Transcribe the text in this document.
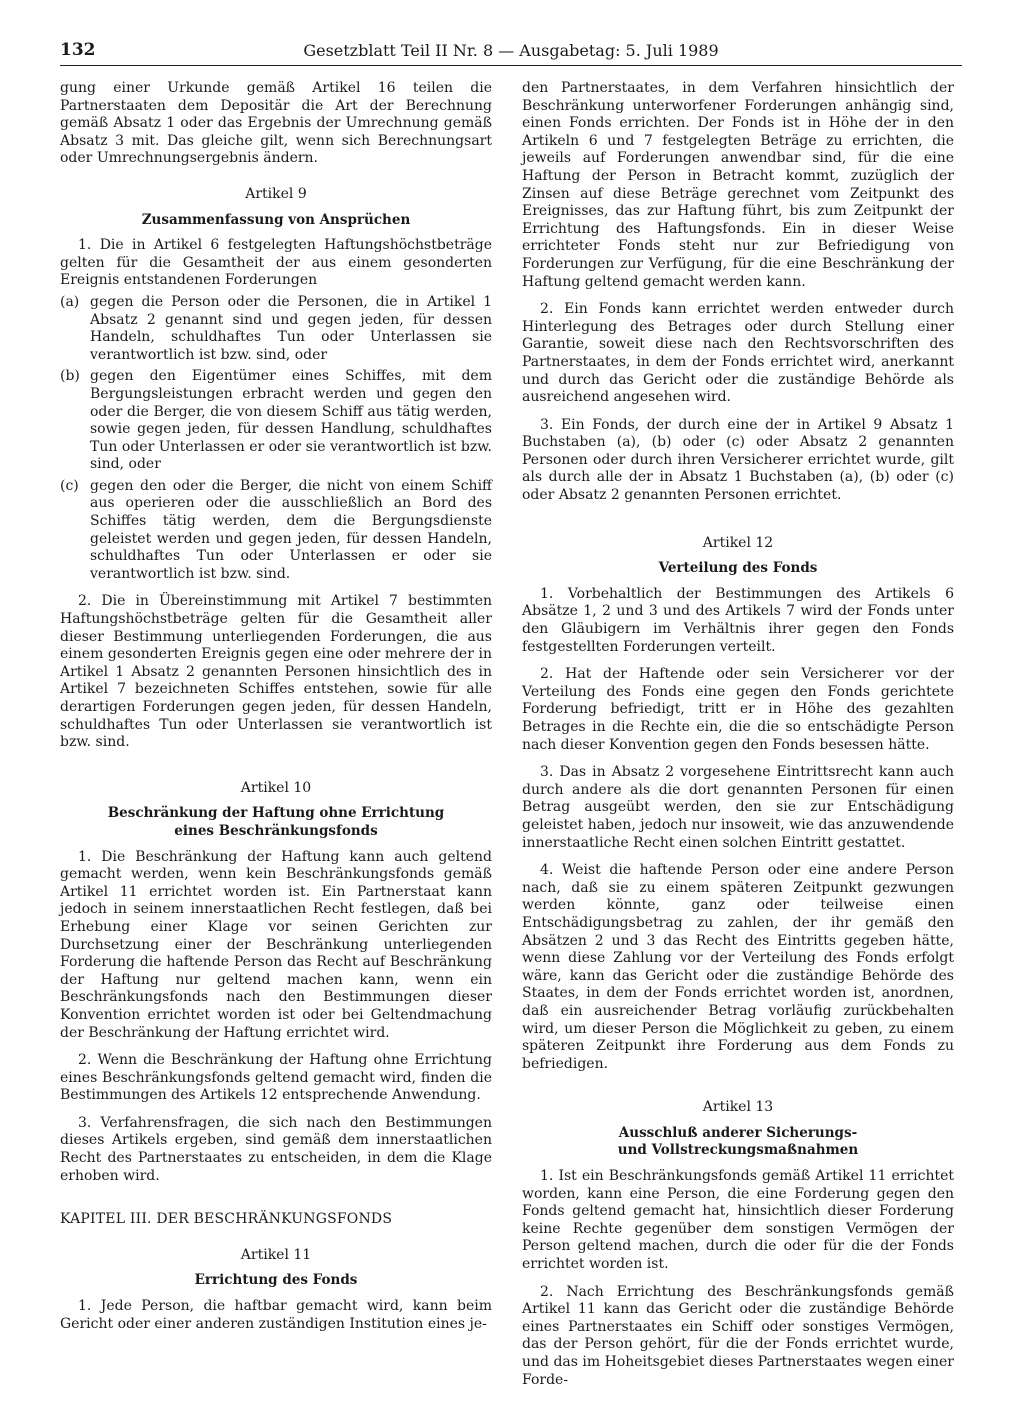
132	Gesetzblatt Teil II Nr. 8 — Ausgabetag: 5. Juli 1989

gung einer Urkunde gemäß Artikel 16 teilen die Partnerstaaten dem Depositär die Art der Berechnung gemäß Absatz 1 oder das Ergebnis der Umrechnung gemäß Absatz 3 mit. Das gleiche gilt, wenn sich Berechnungsart oder Umrechnungsergebnis ändern.

Artikel 9

Zusammenfassung von Ansprüchen

1. Die in Artikel 6 festgelegten Haftungshöchstbeträge gelten für die Gesamtheit der aus einem gesonderten Ereignis entstandenen Forderungen

(a) gegen die Person oder die Personen, die in Artikel 1 Absatz 2 genannt sind und gegen jeden, für dessen Handeln, schuldhaftes Tun oder Unterlassen sie verantwortlich ist bzw. sind, oder
(b) gegen den Eigentümer eines Schiffes, mit dem Bergungsleistungen erbracht werden und gegen den oder die Berger, die von diesem Schiff aus tätig werden, sowie gegen jeden, für dessen Handlung, schuldhaftes Tun oder Unterlassen er oder sie verantwortlich ist bzw. sind, oder
(c) gegen den oder die Berger, die nicht von einem Schiff aus operieren oder die ausschließlich an Bord des Schiffes tätig werden, dem die Bergungsdienste geleistet werden und gegen jeden, für dessen Handeln, schuldhaftes Tun oder Unterlassen er oder sie verantwortlich ist bzw. sind.

2. Die in Übereinstimmung mit Artikel 7 bestimmten Haftungshöchstbeträge gelten für die Gesamtheit aller dieser Bestimmung unterliegenden Forderungen, die aus einem gesonderten Ereignis gegen eine oder mehrere der in Artikel 1 Absatz 2 genannten Personen hinsichtlich des in Artikel 7 bezeichneten Schiffes entstehen, sowie für alle derartigen Forderungen gegen jeden, für dessen Handeln, schuldhaftes Tun oder Unterlassen sie verantwortlich ist bzw. sind.

Artikel 10

Beschränkung der Haftung ohne Errichtung

eines Beschränkungsfonds

1. Die Beschränkung der Haftung kann auch geltend gemacht werden, wenn kein Beschränkungsfonds gemäß Artikel 11 errichtet worden ist. Ein Partnerstaat kann jedoch in seinem innerstaatlichen Recht festlegen, daß bei Erhebung einer Klage vor seinen Gerichten zur Durchsetzung einer der Beschränkung unterliegenden Forderung die haftende Person das Recht auf Beschränkung der Haftung nur geltend machen kann, wenn ein Beschränkungsfonds nach den Bestimmungen dieser Konvention errichtet worden ist oder bei Geltendmachung der Beschränkung der Haftung errichtet wird.

2. Wenn die Beschränkung der Haftung ohne Errichtung eines Beschränkungsfonds geltend gemacht wird, finden die Bestimmungen des Artikels 12 entsprechende Anwendung.

3. Verfahrensfragen, die sich nach den Bestimmungen dieses Artikels ergeben, sind gemäß dem innerstaatlichen Recht des Partnerstaates zu entscheiden, in dem die Klage erhoben wird.

KAPITEL III. DER BESCHRÄNKUNGSFONDS

Artikel 11

Errichtung des Fonds

1. Jede Person, die haftbar gemacht wird, kann beim Gericht oder einer anderen zuständigen Institution eines je-

den Partnerstaates, in dem Verfahren hinsichtlich der Beschränkung unterworfener Forderungen anhängig sind, einen Fonds errichten. Der Fonds ist in Höhe der in den Artikeln 6 und 7 festgelegten Beträge zu errichten, die jeweils auf Forderungen anwendbar sind, für die eine Haftung der Person in Betracht kommt, zuzüglich der Zinsen auf diese Beträge gerechnet vom Zeitpunkt des Ereignisses, das zur Haftung führt, bis zum Zeitpunkt der Errichtung des Haftungsfonds. Ein in dieser Weise errichteter Fonds steht nur zur Befriedigung von Forderungen zur Verfügung, für die eine Beschränkung der Haftung geltend gemacht werden kann.

2. Ein Fonds kann errichtet werden entweder durch Hinterlegung des Betrages oder durch Stellung einer Garantie, soweit diese nach den Rechtsvorschriften des Partnerstaates, in dem der Fonds errichtet wird, anerkannt und durch das Gericht oder die zuständige Behörde als ausreichend angesehen wird.

3. Ein Fonds, der durch eine der in Artikel 9 Absatz 1 Buchstaben (a), (b) oder (c) oder Absatz 2 genannten Personen oder durch ihren Versicherer errichtet wurde, gilt als durch alle der in Absatz 1 Buchstaben (a), (b) oder (c) oder Absatz 2 genannten Personen errichtet.

Artikel 12

Verteilung des Fonds

1. Vorbehaltlich der Bestimmungen des Artikels 6 Absätze 1, 2 und 3 und des Artikels 7 wird der Fonds unter den Gläubigern im Verhältnis ihrer gegen den Fonds festgestellten Forderungen verteilt.

2. Hat der Haftende oder sein Versicherer vor der Verteilung des Fonds eine gegen den Fonds gerichtete Forderung befriedigt, tritt er in Höhe des gezahlten Betrages in die Rechte ein, die die so entschädigte Person nach dieser Konvention gegen den Fonds besessen hätte.

3. Das in Absatz 2 vorgesehene Eintrittsrecht kann auch durch andere als die dort genannten Personen für einen Betrag ausgeübt werden, den sie zur Entschädigung geleistet haben, jedoch nur insoweit, wie das anzuwendende innerstaatliche Recht einen solchen Eintritt gestattet.

4. Weist die haftende Person oder eine andere Person nach, daß sie zu einem späteren Zeitpunkt gezwungen werden könnte, ganz oder teilweise einen Entschädigungsbetrag zu zahlen, der ihr gemäß den Absätzen 2 und 3 das Recht des Eintritts gegeben hätte, wenn diese Zahlung vor der Verteilung des Fonds erfolgt wäre, kann das Gericht oder die zuständige Behörde des Staates, in dem der Fonds errichtet worden ist, anordnen, daß ein ausreichender Betrag vorläufig zurückbehalten wird, um dieser Person die Möglichkeit zu geben, zu einem späteren Zeitpunkt ihre Forderung aus dem Fonds zu befriedigen.

Artikel 13

Ausschluß anderer Sicherungs-

und Vollstreckungsmaßnahmen

1. Ist ein Beschränkungsfonds gemäß Artikel 11 errichtet worden, kann eine Person, die eine Forderung gegen den Fonds geltend gemacht hat, hinsichtlich dieser Forderung keine Rechte gegenüber dem sonstigen Vermögen der Person geltend machen, durch die oder für die der Fonds errichtet worden ist.

2. Nach Errichtung des Beschränkungsfonds gemäß Artikel 11 kann das Gericht oder die zuständige Behörde eines Partnerstaates ein Schiff oder sonstiges Vermögen, das der Person gehört, für die der Fonds errichtet wurde, und das im Hoheitsgebiet dieses Partnerstaates wegen einer Forde-
